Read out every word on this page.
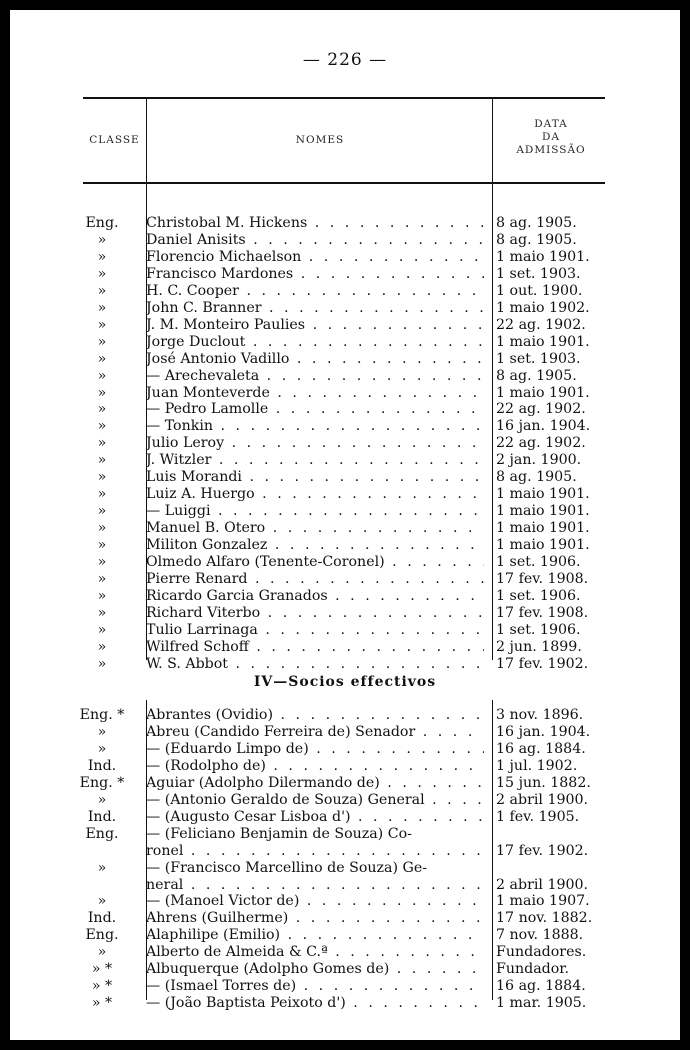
— 226 —
CLASSE	NOMES
DATA
DA
ADMISSÃO
Eng.	Christobal M. Hickens . . .	8 ag. 1905.
»	Daniel Anisits . . .	8 ag. 1905.
»	Florencio Michaelson . . .	1 maio 1901.
»	Francisco Mardones . . .	1 set. 1903.
»	H. C. Cooper . . .	1 out. 1900.
»	John C. Branner . . .	1 maio 1902.
»	J. M. Monteiro Paulies . . .	22 ag. 1902.
»	Jorge Duclout . . .	1 maio 1901.
»	José Antonio Vadillo . . .	1 set. 1903.
»	— Arechevaleta . . .	8 ag. 1905.
»	Juan Monteverde . . .	1 maio 1901.
»	— Pedro Lamolle . . .	22 ag. 1902.
»	— Tonkin . . .	16 jan. 1904.
»	Julio Leroy . . .	22 ag. 1902.
»	J. Witzler . . .	2 jan. 1900.
»	Luis Morandi . . .	8 ag. 1905.
»	Luiz A. Huergo . . .	1 maio 1901.
»	— Luiggi . . .	1 maio 1901.
»	Manuel B. Otero . . .	1 maio 1901.
»	Militon Gonzalez . . .	1 maio 1901.
»	Olmedo Alfaro (Tenente-Coronel) . . .	1 set. 1906.
»	Pierre Renard . . .	17 fev. 1908.
»	Ricardo Garcia Granados . . .	1 set. 1906.
»	Richard Viterbo . . .	17 fev. 1908.
»	Tulio Larrinaga . . .	1 set. 1906.
»	Wilfred Schoff . . .	2 jun. 1899.
»	W. S. Abbot . . .	17 fev. 1902.
IV—Socios effectivos
Eng. *	Abrantes (Ovidio) . . .	3 nov. 1896.
»	Abreu (Candido Ferreira de) Senador . . .	16 jan. 1904.
»	— (Eduardo Limpo de) . . .	16 ag. 1884.
Ind.	— (Rodolpho de) . . .	1 jul. 1902.
Eng. *	Aguiar (Adolpho Dilermando de) . . .	15 jun. 1882.
»	— (Antonio Geraldo de Souza) General . . .	2 abril 1900.
Ind.	— (Augusto Cesar Lisboa d') . . .	1 fev. 1905.
Eng.	— (Feliciano Benjamin de Souza) Co-
ronel . . .	17 fev. 1902.
»	— (Francisco Marcellino de Souza) Ge-
neral . . .	2 abril 1900.
»	— (Manoel Victor de) . . .	1 maio 1907.
Ind.	Ahrens (Guilherme) . . .	17 nov. 1882.
Eng.	Alaphilipe (Emilio) . . .	7 nov. 1888.
»	Alberto de Almeida & C.ª . . .	Fundadores.
» *	Albuquerque (Adolpho Gomes de) . . .	Fundador.
» *	— (Ismael Torres de) . . .	16 ag. 1884.
» *	— (João Baptista Peixoto d') . . .	1 mar. 1905.
